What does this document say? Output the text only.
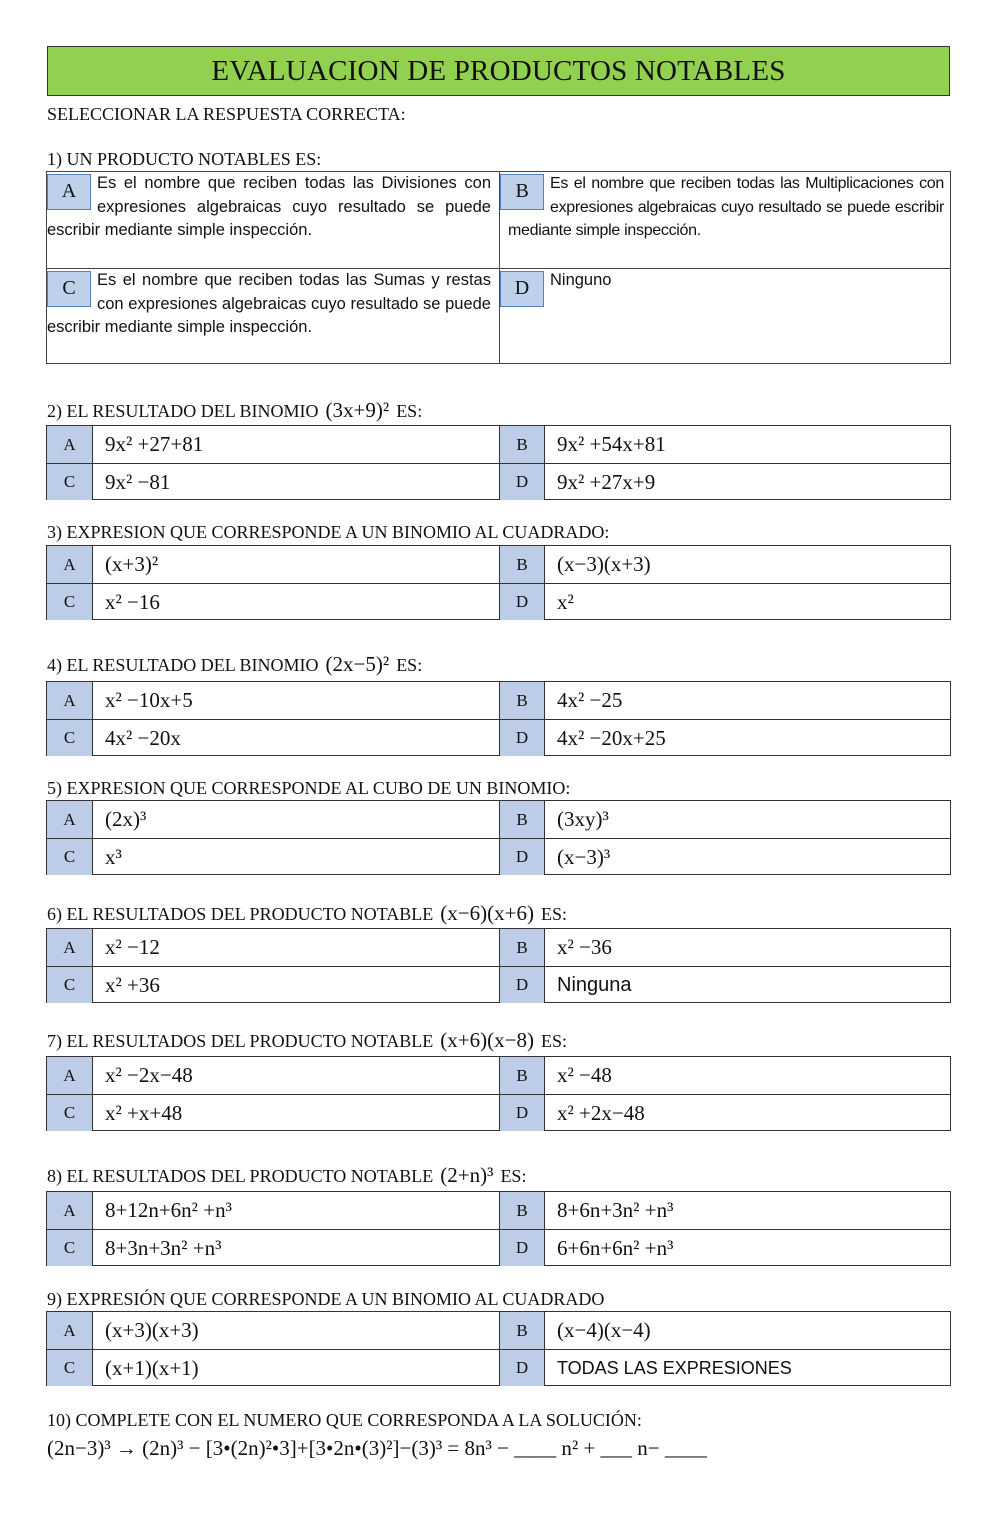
EVALUACION DE PRODUCTOS NOTABLES
SELECCIONAR LA RESPUESTA CORRECTA:
1) UN PRODUCTO NOTABLES ES:
A	Es el nombre que reciben todas las Divisiones con expresiones algebraicas cuyo resultado se puede escribir mediante simple inspección.
B	Es el nombre que reciben todas las Multiplicaciones con expresiones algebraicas cuyo resultado se puede escribir mediante simple inspección.
C	Es el nombre que reciben todas las Sumas y restas con expresiones algebraicas cuyo resultado se puede escribir mediante simple inspección.
D	Ninguno
2) EL RESULTADO DEL BINOMIO (3x+9)² ES:
A	9x² +27+81	B	9x² +54x+81
C	9x² −81	D	9x² +27x+9
3) EXPRESION QUE CORRESPONDE A UN BINOMIO AL CUADRADO:
A	(x+3)²	B	(x−3)(x+3)
C	x² −16	D	x²
4) EL RESULTADO DEL BINOMIO (2x−5)² ES:
A	x² −10x+5	B	4x² −25
C	4x² −20x	D	4x² −20x+25
5) EXPRESION QUE CORRESPONDE AL CUBO DE UN BINOMIO:
A	(2x)³	B	(3xy)³
C	x³	D	(x−3)³
6) EL RESULTADOS DEL PRODUCTO NOTABLE (x−6)(x+6) ES:
A	x² −12	B	x² −36
C	x² +36	D	Ninguna
7) EL RESULTADOS DEL PRODUCTO NOTABLE (x+6)(x−8) ES:
A	x² −2x−48	B	x² −48
C	x² +x+48	D	x² +2x−48
8) EL RESULTADOS DEL PRODUCTO NOTABLE (2+n)³ ES:
A	8+12n+6n² +n³	B	8+6n+3n² +n³
C	8+3n+3n² +n³	D	6+6n+6n² +n³
9) EXPRESIÓN QUE CORRESPONDE A UN BINOMIO AL CUADRADO
A	(x+3)(x+3)	B	(x−4)(x−4)
C	(x+1)(x+1)	D	TODAS LAS EXPRESIONES
10) COMPLETE CON EL NUMERO QUE CORRESPONDA A LA SOLUCIÓN:
(2n−3)³ → (2n)³ − [3•(2n)²•3]+[3•2n•(3)²]−(3)³ = 8n³ − ____ n² + ___ n− ____
